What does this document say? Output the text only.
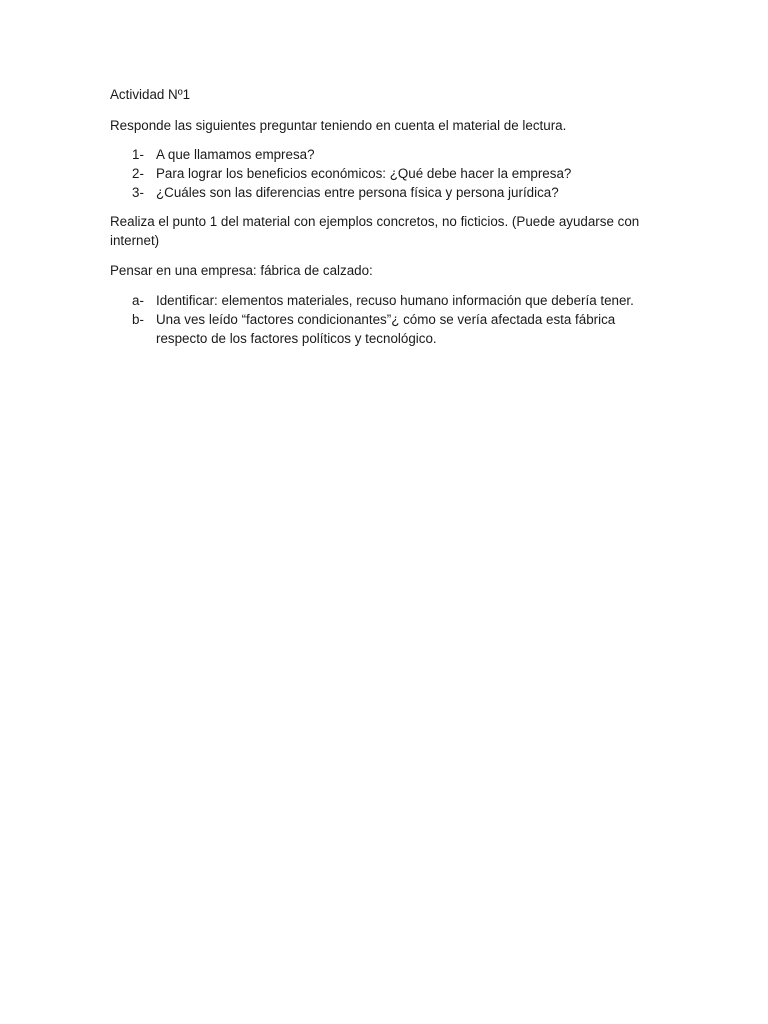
Actividad Nº1

Responde las siguientes preguntar teniendo en cuenta el material de lectura.

1- A que llamamos empresa?
2- Para lograr los beneficios económicos: ¿Qué debe hacer la empresa?
3- ¿Cuáles son las diferencias entre persona física y persona jurídica?

Realiza el punto 1 del material con ejemplos concretos, no ficticios. (Puede ayudarse con internet)

Pensar en una empresa: fábrica de calzado:

a- Identificar: elementos materiales, recuso humano información que debería tener.
b- Una ves leído “factores condicionantes”¿ cómo se vería afectada esta fábrica respecto de los factores políticos y tecnológico.
